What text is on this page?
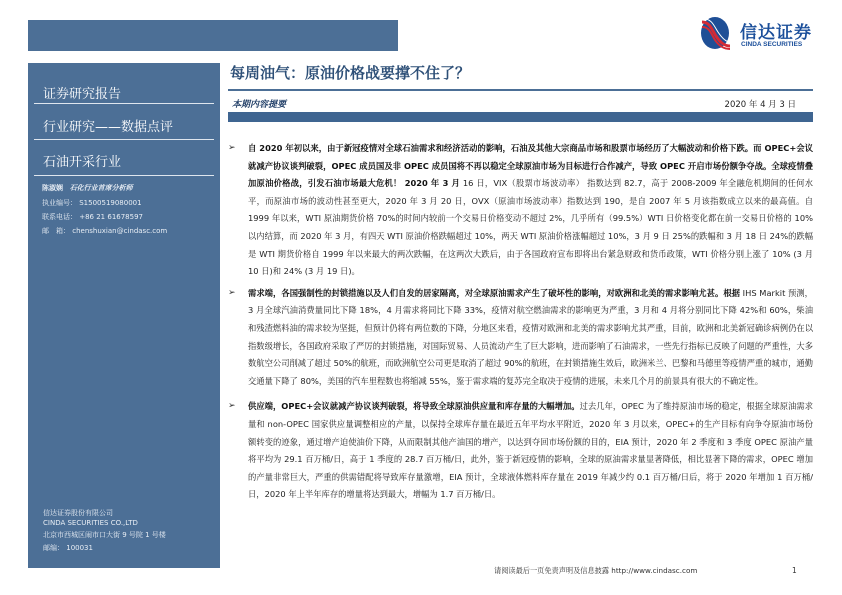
信达证券
CINDA SECURITIES
证券研究报告
行业研究——数据点评
石油开采行业
陈淑娴 石化行业首席分析师
执业编号： S1500519080001
联系电话： +86 21 61678597
邮　箱： chenshuxian@cindasc.com
信达证券股份有限公司
CINDA SECURITIES CO.,LTD
北京市西城区闹市口大街 9 号院 1 号楼
邮编： 100031
每周油气：原油价格战要撑不住了？
本期内容提要	2020 年 4 月 3 日
➢ 自 2020 年初以来，由于新冠疫情对全球石油需求和经济活动的影响，石油及其他大宗商品市场和股票市场经历了大幅波动和价格下跌。而 OPEC+会议就减产协议谈判破裂，OPEC 成员国及非 OPEC 成员国将不再以稳定全球原油市场为目标进行合作减产，导致 OPEC 开启市场份额争夺战。全球疫情叠加原油价格战，引发石油市场最大危机！ 2020 年 3 月 16 日，VIX（股票市场波动率） 指数达到 82.7，高于 2008-2009 年全融危机期间的任何水平，而原油市场的波动性甚至更大，2020 年 3 月 20 日，OVX（原油市场波动率）指数达到 190，是自 2007 年 5 月该指数成立以来的最高值。自 1999 年以来，WTI 原油期货价格 70%的时间内较前一个交易日价格变动不超过 2%，几乎所有（99.5%）WTI 日价格变化都在前一交易日价格的 10%以内结算，而 2020 年 3 月，有四天 WTI 原油价格跌幅超过 10%，两天 WTI 原油价格涨幅超过 10%，3 月 9 日 25%的跌幅和 3 月 18 日 24%的跌幅是 WTI 期货价格自 1999 年以来最大的两次跌幅，在这两次大跌后，由于各国政府宣布即将出台紧急财政和货币政策，WTI 价格分别上涨了 10% (3 月 10 日)和 24% (3 月 19 日)。
➢ 需求端，各国强制性的封锁措施以及人们自发的居家隔离，对全球原油需求产生了破坏性的影响，对欧洲和北美的需求影响尤甚。根据 IHS Markit 预测，3 月全球汽油消费量同比下降 18%，4 月需求将同比下降 33%，疫情对航空燃油需求的影响更为严重，3 月和 4 月将分别同比下降 42%和 60%，柴油和残渣燃料油的需求较为坚挺，但预计仍将有两位数的下降，分地区来看，疫情对欧洲和北美的需求影响尤其严重，目前，欧洲和北美新冠确诊病例仍在以指数级增长，各国政府采取了严厉的封锁措施，对国际贸易、人员流动产生了巨大影响，进而影响了石油需求，一些先行指标已反映了问题的严重性，大多数航空公司削减了超过 50%的航班，而欧洲航空公司更是取消了超过 90%的航班，在封锁措施生效后，欧洲米兰、巴黎和马德里等疫情严重的城市，通勤交通量下降了 80%，美国的汽车里程数也将缩减 55%，鉴于需求端的复苏完全取决于疫情的进展，未来几个月的前景具有很大的不确定性。
➢ 供应端，OPEC+会议就减产协议谈判破裂，将导致全球原油供应量和库存量的大幅增加。过去几年，OPEC 为了维持原油市场的稳定，根据全球原油需求量和 non-OPEC 国家供应量调整相应的产量，以保持全球库存量在最近五年平均水平附近，2020 年 3 月以来，OPEC+的生产目标有向争夺原油市场份额转变的迹象，通过增产迫使油价下降，从而限制其他产油国的增产，以达到夺回市场份额的目的，EIA 预计，2020 年 2 季度和 3 季度 OPEC 原油产量将平均为 29.1 百万桶/日，高于 1 季度的 28.7 百万桶/日，此外，鉴于新冠疫情的影响，全球的原油需求量显著降低，相比显著下降的需求，OPEC 增加的产量非常巨大，严重的供需错配将导致库存量激增，EIA 预计，全球液体燃料库存量在 2019 年减少约 0.1 百万桶/日后，将于 2020 年增加 1 百万桶/日，2020 年上半年库存的增量将达到最大，增幅为 1.7 百万桶/日。
请阅读最后一页免责声明及信息披露 http://www.cindasc.com	1
